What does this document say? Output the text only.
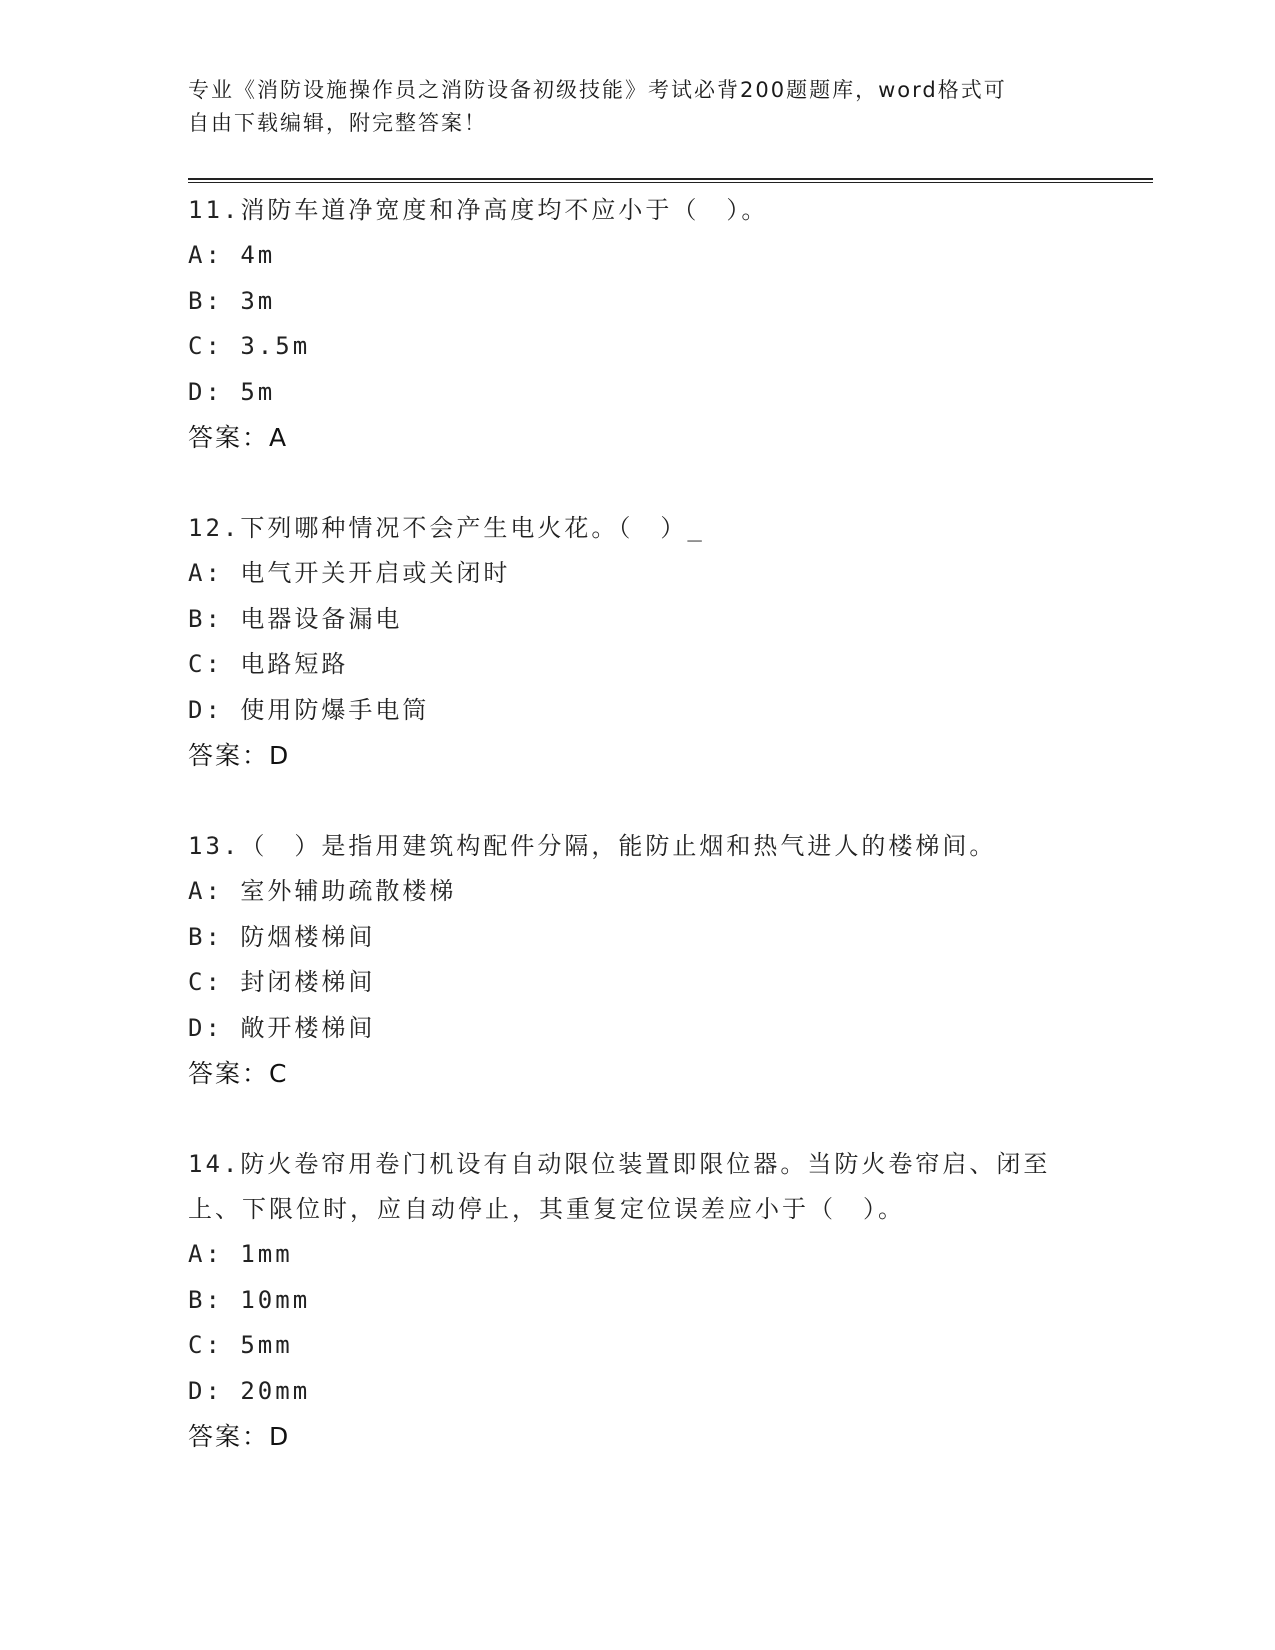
专业《消防设施操作员之消防设备初级技能》考试必背200题题库，word格式可
自由下载编辑，附完整答案！

11.消防车道净宽度和净高度均不应小于（　）。

A: 4m

B: 3m

C: 3.5m

D: 5m

答案：A

12.下列哪种情况不会产生电火花。（　）_

A: 电气开关开启或关闭时

B: 电器设备漏电

C: 电路短路

D: 使用防爆手电筒

答案：D

13.（　）是指用建筑构配件分隔，能防止烟和热气进人的楼梯间。

A: 室外辅助疏散楼梯

B: 防烟楼梯间

C: 封闭楼梯间

D: 敞开楼梯间

答案：C

14.防火卷帘用卷门机设有自动限位装置即限位器。当防火卷帘启、闭至上、下限位时，应自动停止，其重复定位误差应小于（　）。

A: 1mm

B: 10mm

C: 5mm

D: 20mm

答案：D
